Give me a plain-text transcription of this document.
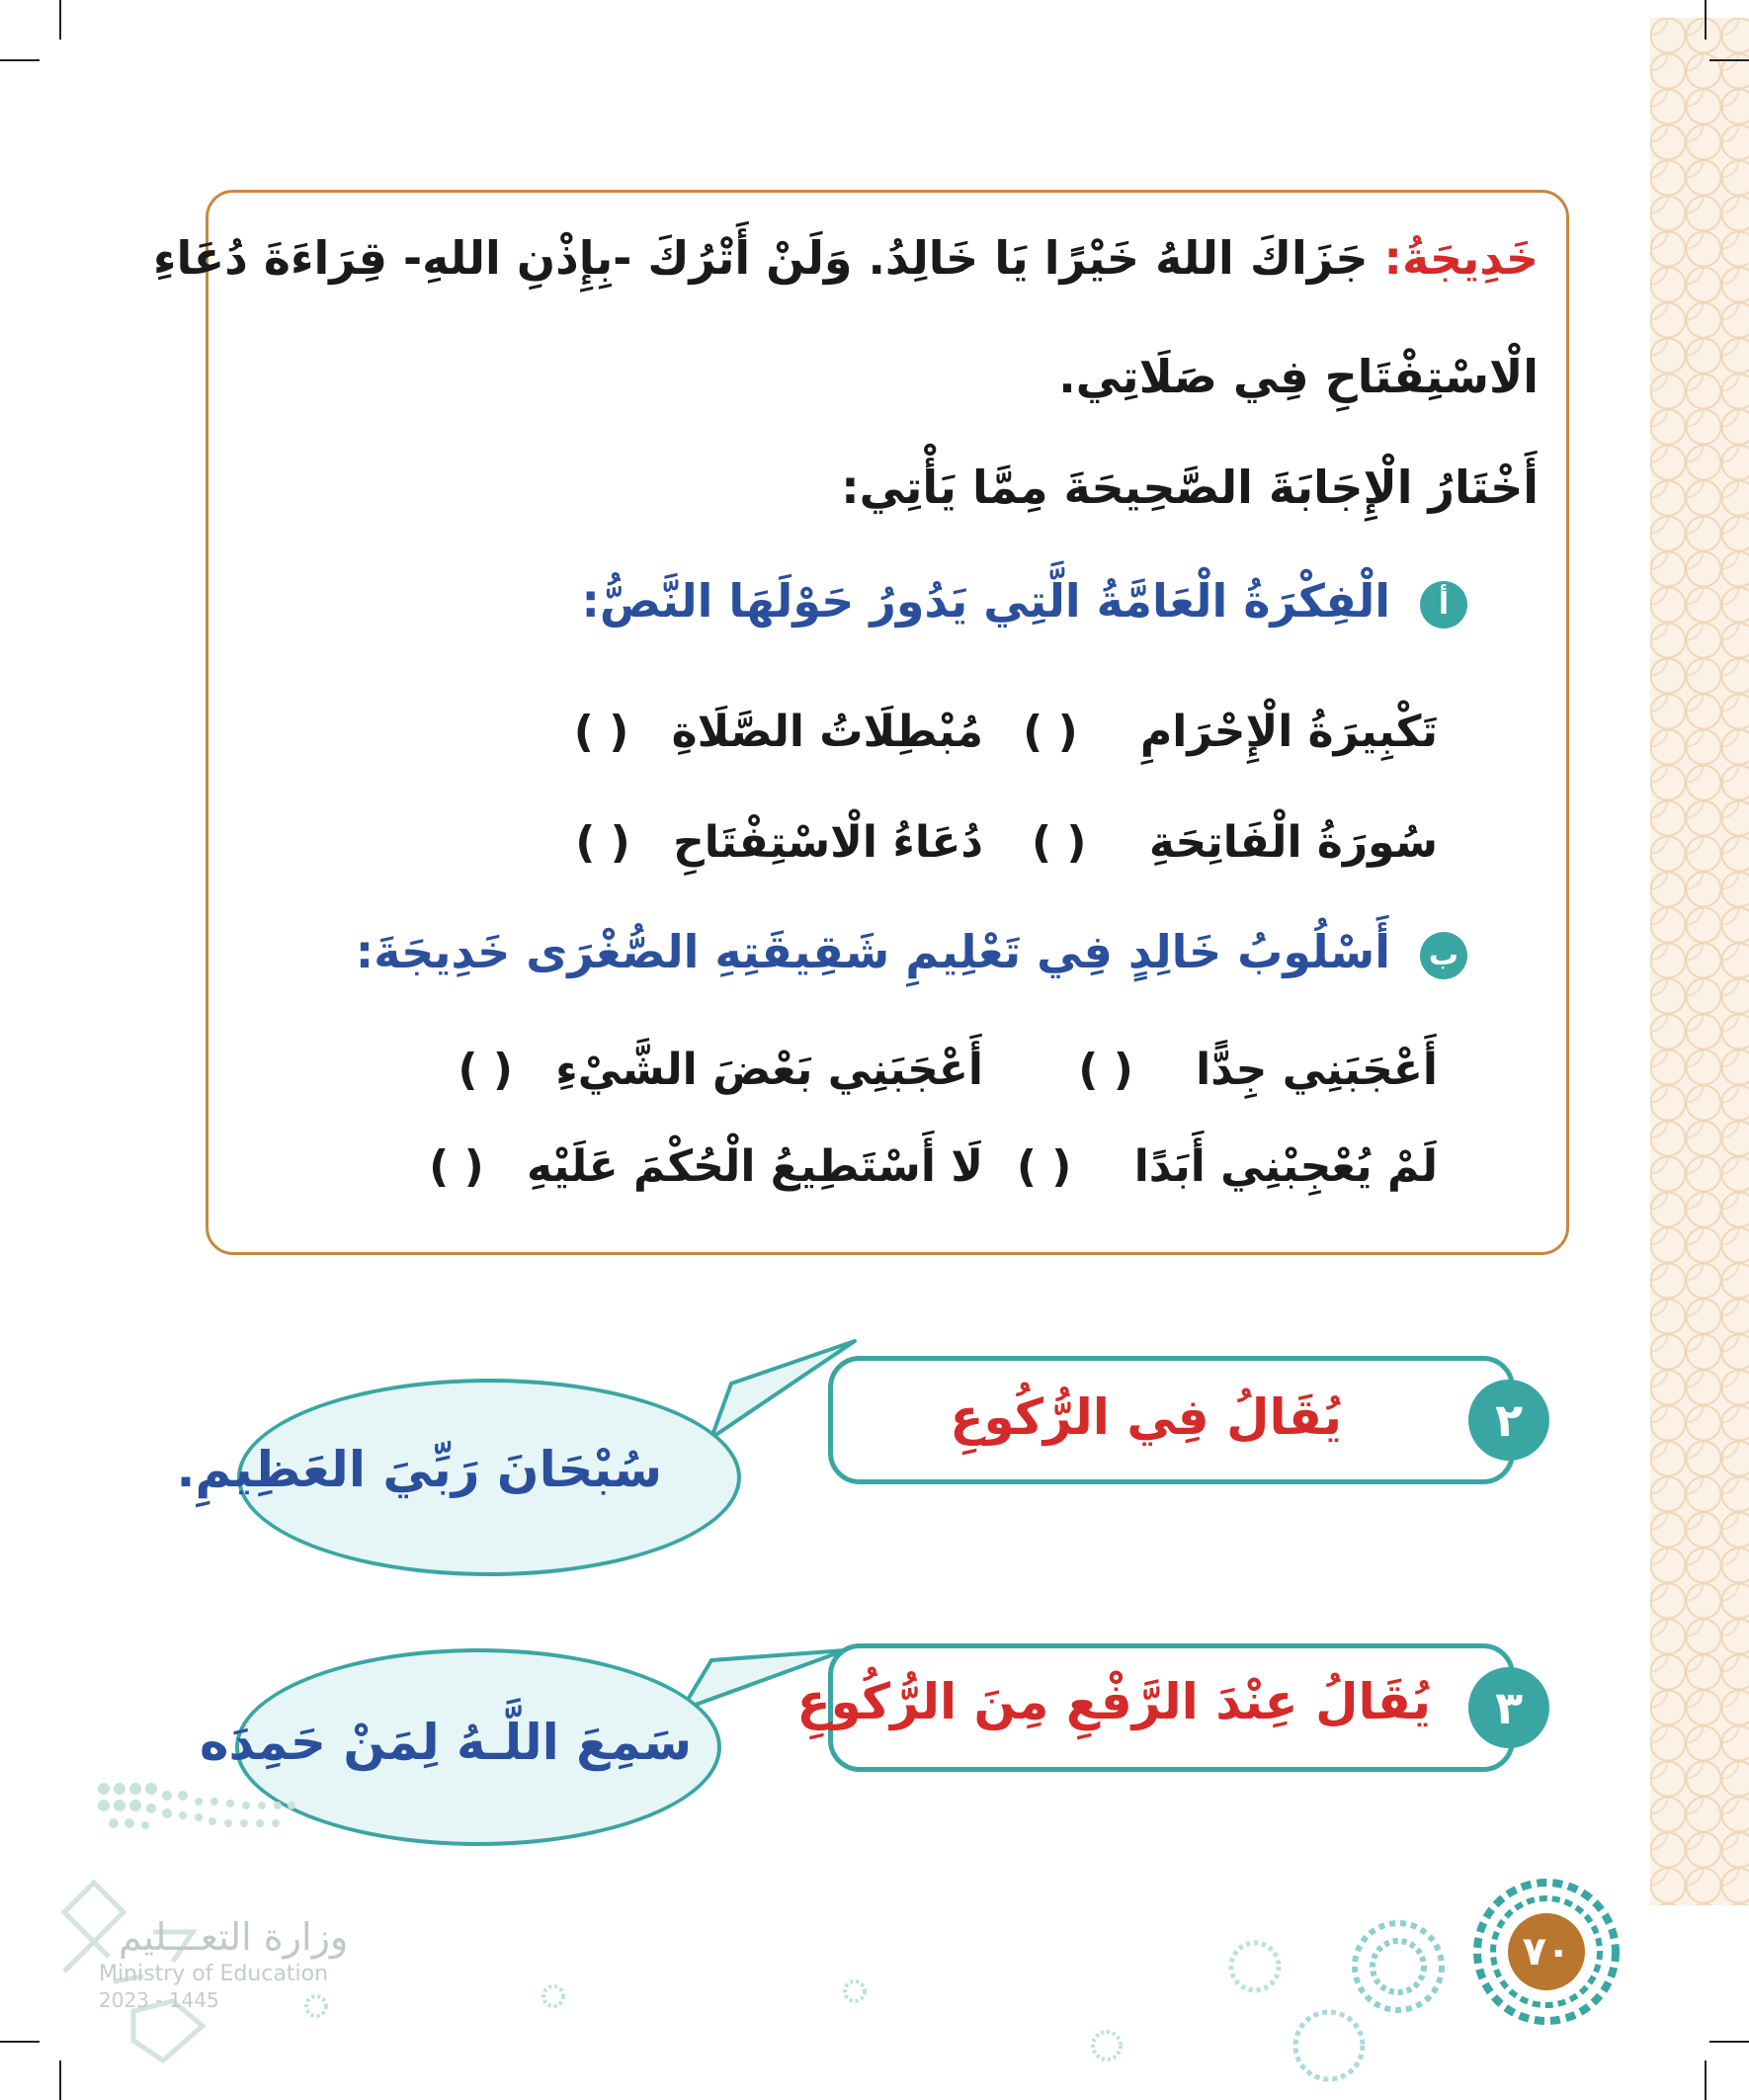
خَدِيجَةُ: جَزَاكَ اللهُ خَيْرًا يَا خَالِدُ. وَلَنْ أَتْرُكَ -بِإِذْنِ اللهِ- قِرَاءَةَ دُعَاءِ
الْاسْتِفْتَاحِ فِي صَلَاتِي.
أَخْتَارُ الْإِجَابَةَ الصَّحِيحَةَ مِمَّا يَأْتِي:
أ الْفِكْرَةُ الْعَامَّةُ الَّتِي يَدُورُ حَوْلَهَا النَّصُّ:
تَكْبِيرَةُ الْإِحْرَامِ ( )
مُبْطِلَاتُ الصَّلَاةِ ( )
سُورَةُ الْفَاتِحَةِ ( )
دُعَاءُ الْاسْتِفْتَاحِ ( )
ب أَسْلُوبُ خَالِدٍ فِي تَعْلِيمِ شَقِيقَتِهِ الصُّغْرَى خَدِيجَةَ:
أَعْجَبَنِي جِدًّا ( )
أَعْجَبَنِي بَعْضَ الشَّيْءِ ( )
لَمْ يُعْجِبْنِي أَبَدًا ( )
لَا أَسْتَطِيعُ الْحُكْمَ عَلَيْهِ ( )
سُبْحَانَ رَبِّيَ العَظِيمِ.
يُقَالُ فِي الرُّكُوعِ	٢
سَمِعَ اللَّـهُ لِمَنْ حَمِدَه
يُقَالُ عِنْدَ الرَّفْعِ مِنَ الرُّكُوعِ	٣
٧٠
وزارة التعـــليم
Ministry of Education
2023 - 1445
